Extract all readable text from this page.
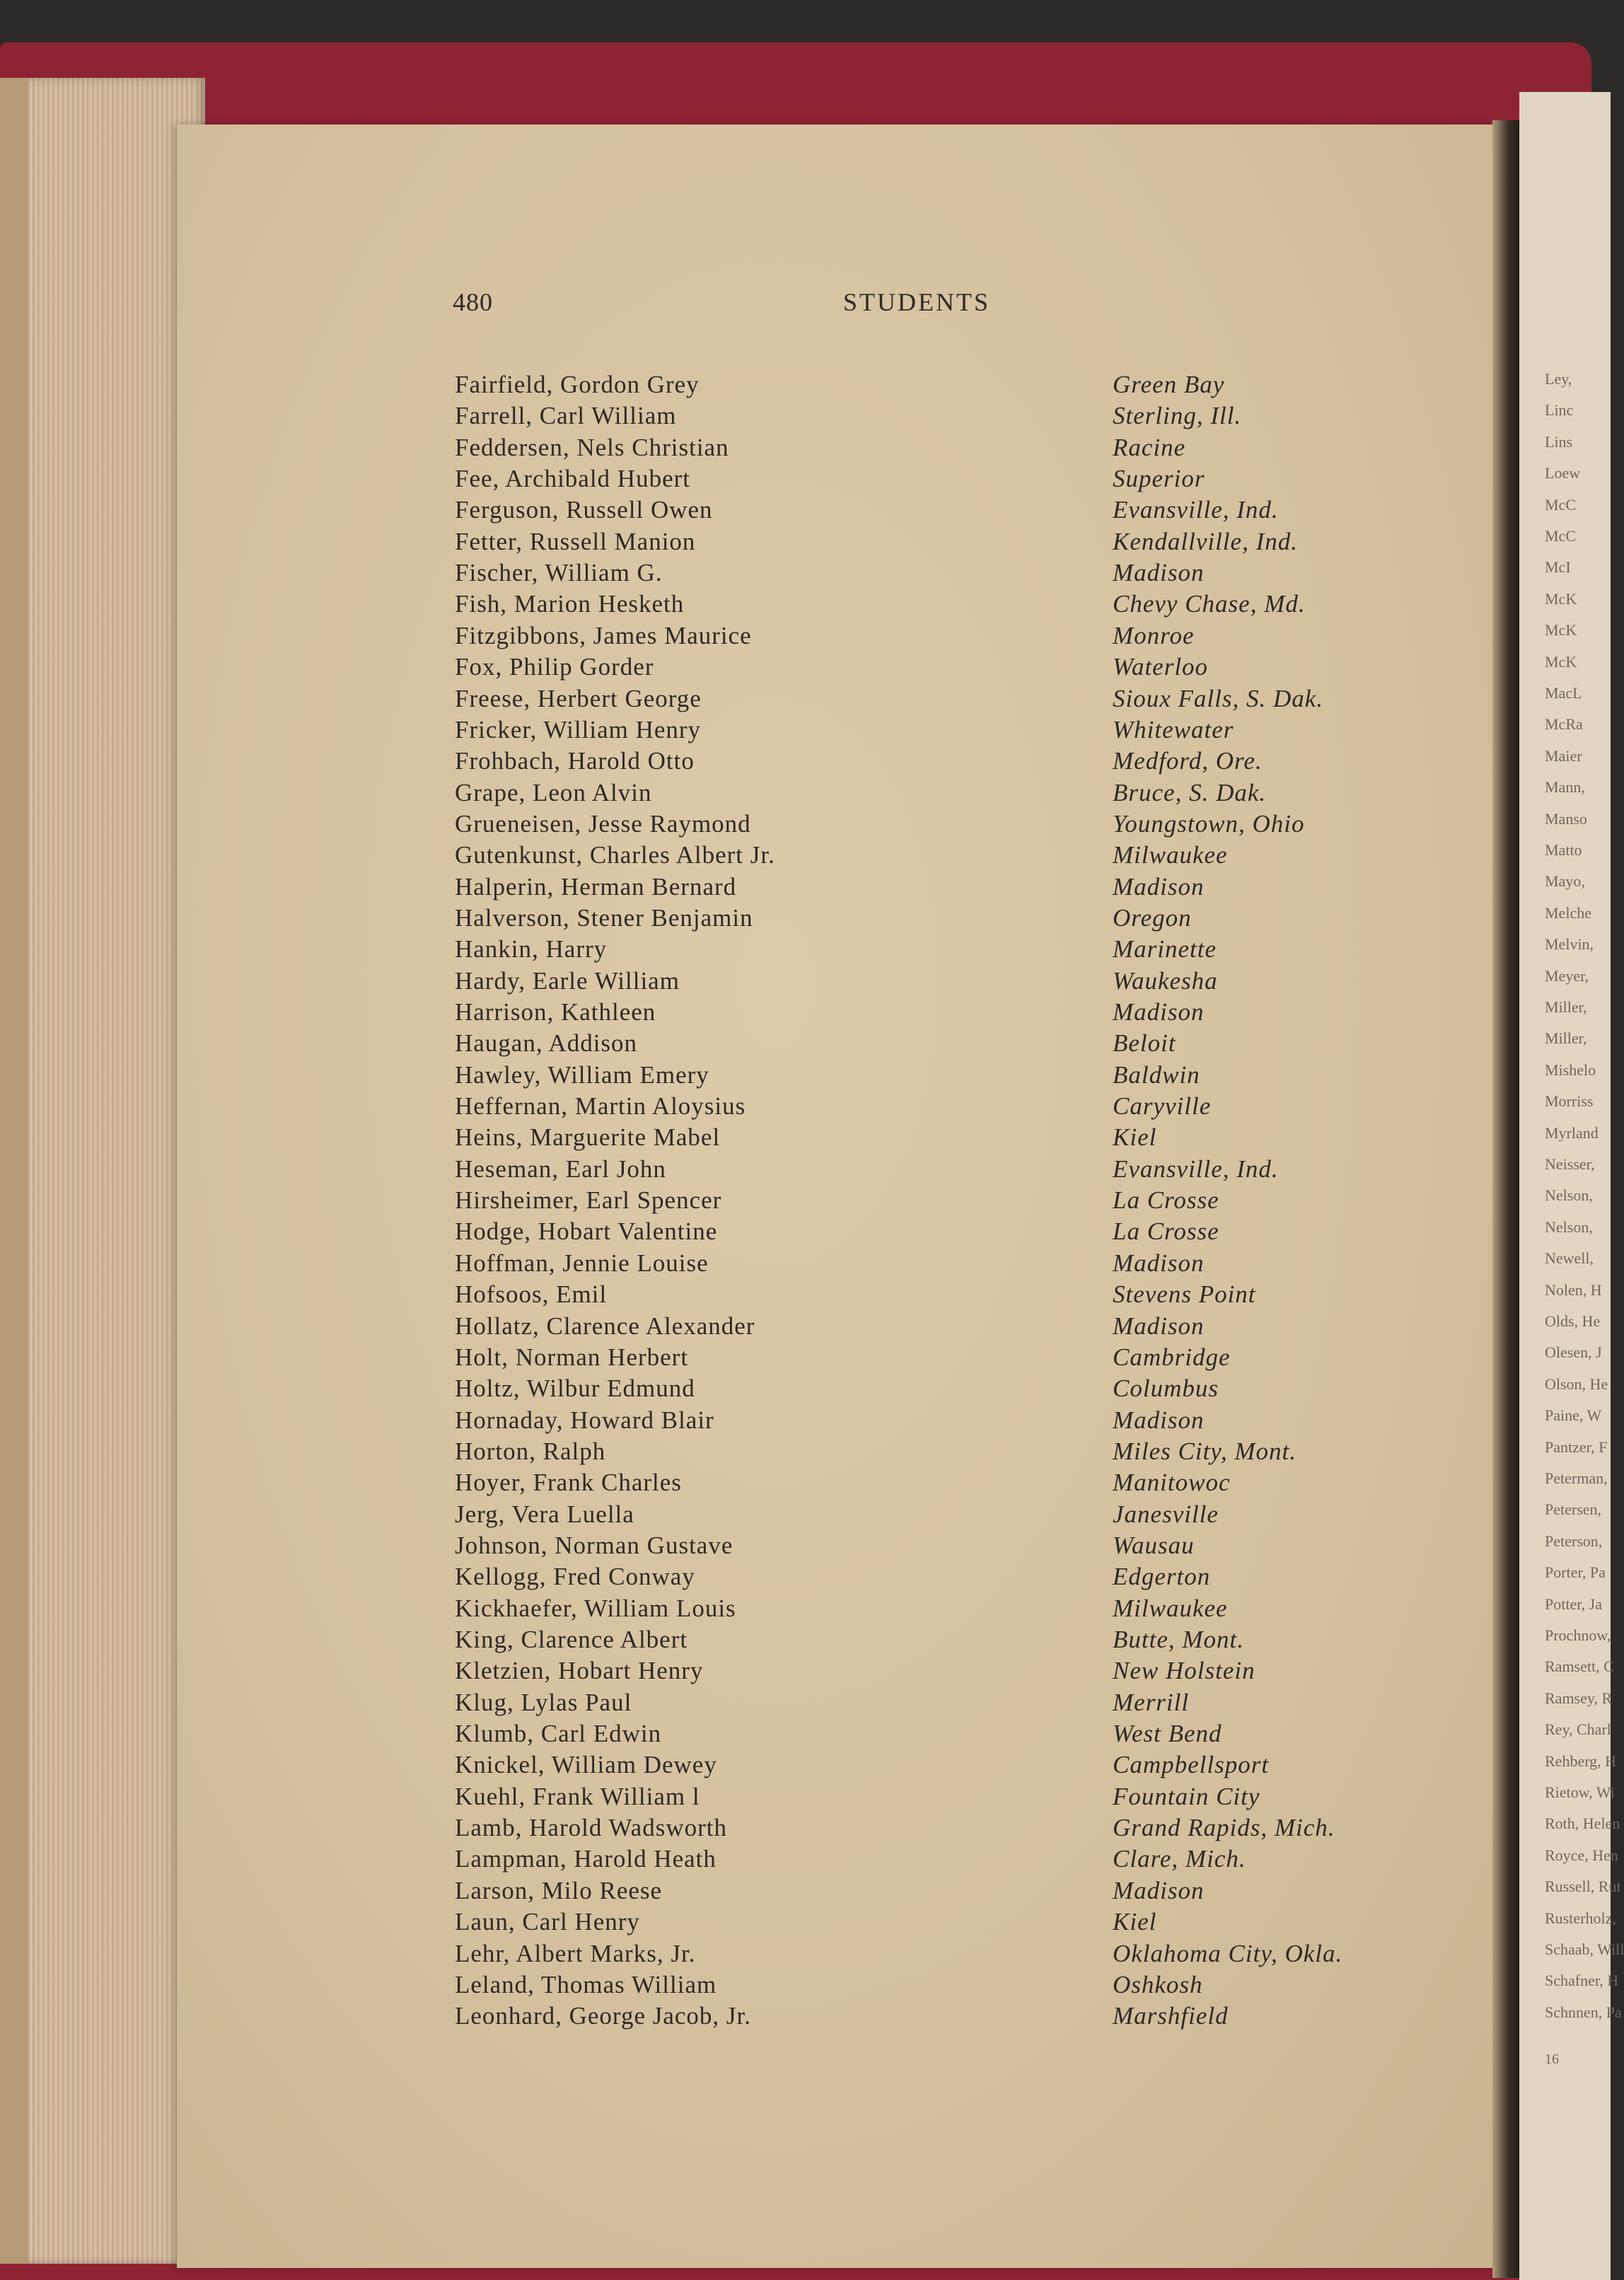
Ley,
Linc
Lins
Loew
McC
McC
McI
McK
McK
McK
MacL
McRa
Maier
Mann,
Manso
Matto
Mayo,
Melche
Melvin,
Meyer,
Miller,
Miller,
Mishelo
Morriss
Myrland
Neisser,
Nelson,
Nelson,
Newell,
Nolen, H
Olds, He
Olesen, J
Olson, He
Paine, W
Pantzer, F
Peterman,
Petersen,
Peterson,
Porter, Pa
Potter, Ja
Prochnow,
Ramsett, C
Ramsey, R
Rey, Charl
Rehberg, H
Rietow, Wi
Roth, Helen
Royce, Hen
Russell, Rut
Rusterholz,
Schaab, Will
Schafner, H
Schnnen, Pa
16
480	STUDENTS
Fairfield, Gordon Grey	Green Bay
Farrell, Carl William	Sterling, Ill.
Feddersen, Nels Christian	Racine
Fee, Archibald Hubert	Superior
Ferguson, Russell Owen	Evansville, Ind.
Fetter, Russell Manion	Kendallville, Ind.
Fischer, William G.	Madison
Fish, Marion Hesketh	Chevy Chase, Md.
Fitzgibbons, James Maurice	Monroe
Fox, Philip Gorder	Waterloo
Freese, Herbert George	Sioux Falls, S. Dak.
Fricker, William Henry	Whitewater
Frohbach, Harold Otto	Medford, Ore.
Grape, Leon Alvin	Bruce, S. Dak.
Grueneisen, Jesse Raymond	Youngstown, Ohio
Gutenkunst, Charles Albert Jr.	Milwaukee
Halperin, Herman Bernard	Madison
Halverson, Stener Benjamin	Oregon
Hankin, Harry	Marinette
Hardy, Earle William	Waukesha
Harrison, Kathleen	Madison
Haugan, Addison	Beloit
Hawley, William Emery	Baldwin
Heffernan, Martin Aloysius	Caryville
Heins, Marguerite Mabel	Kiel
Heseman, Earl John	Evansville, Ind.
Hirsheimer, Earl Spencer	La Crosse
Hodge, Hobart Valentine	La Crosse
Hoffman, Jennie Louise	Madison
Hofsoos, Emil	Stevens Point
Hollatz, Clarence Alexander	Madison
Holt, Norman Herbert	Cambridge
Holtz, Wilbur Edmund	Columbus
Hornaday, Howard Blair	Madison
Horton, Ralph	Miles City, Mont.
Hoyer, Frank Charles	Manitowoc
Jerg, Vera Luella	Janesville
Johnson, Norman Gustave	Wausau
Kellogg, Fred Conway	Edgerton
Kickhaefer, William Louis	Milwaukee
King, Clarence Albert	Butte, Mont.
Kletzien, Hobart Henry	New Holstein
Klug, Lylas Paul	Merrill
Klumb, Carl Edwin	West Bend
Knickel, William Dewey	Campbellsport
Kuehl, Frank William l	Fountain City
Lamb, Harold Wadsworth	Grand Rapids, Mich.
Lampman, Harold Heath	Clare, Mich.
Larson, Milo Reese	Madison
Laun, Carl Henry	Kiel
Lehr, Albert Marks, Jr.	Oklahoma City, Okla.
Leland, Thomas William	Oshkosh
Leonhard, George Jacob, Jr.	Marshfield
